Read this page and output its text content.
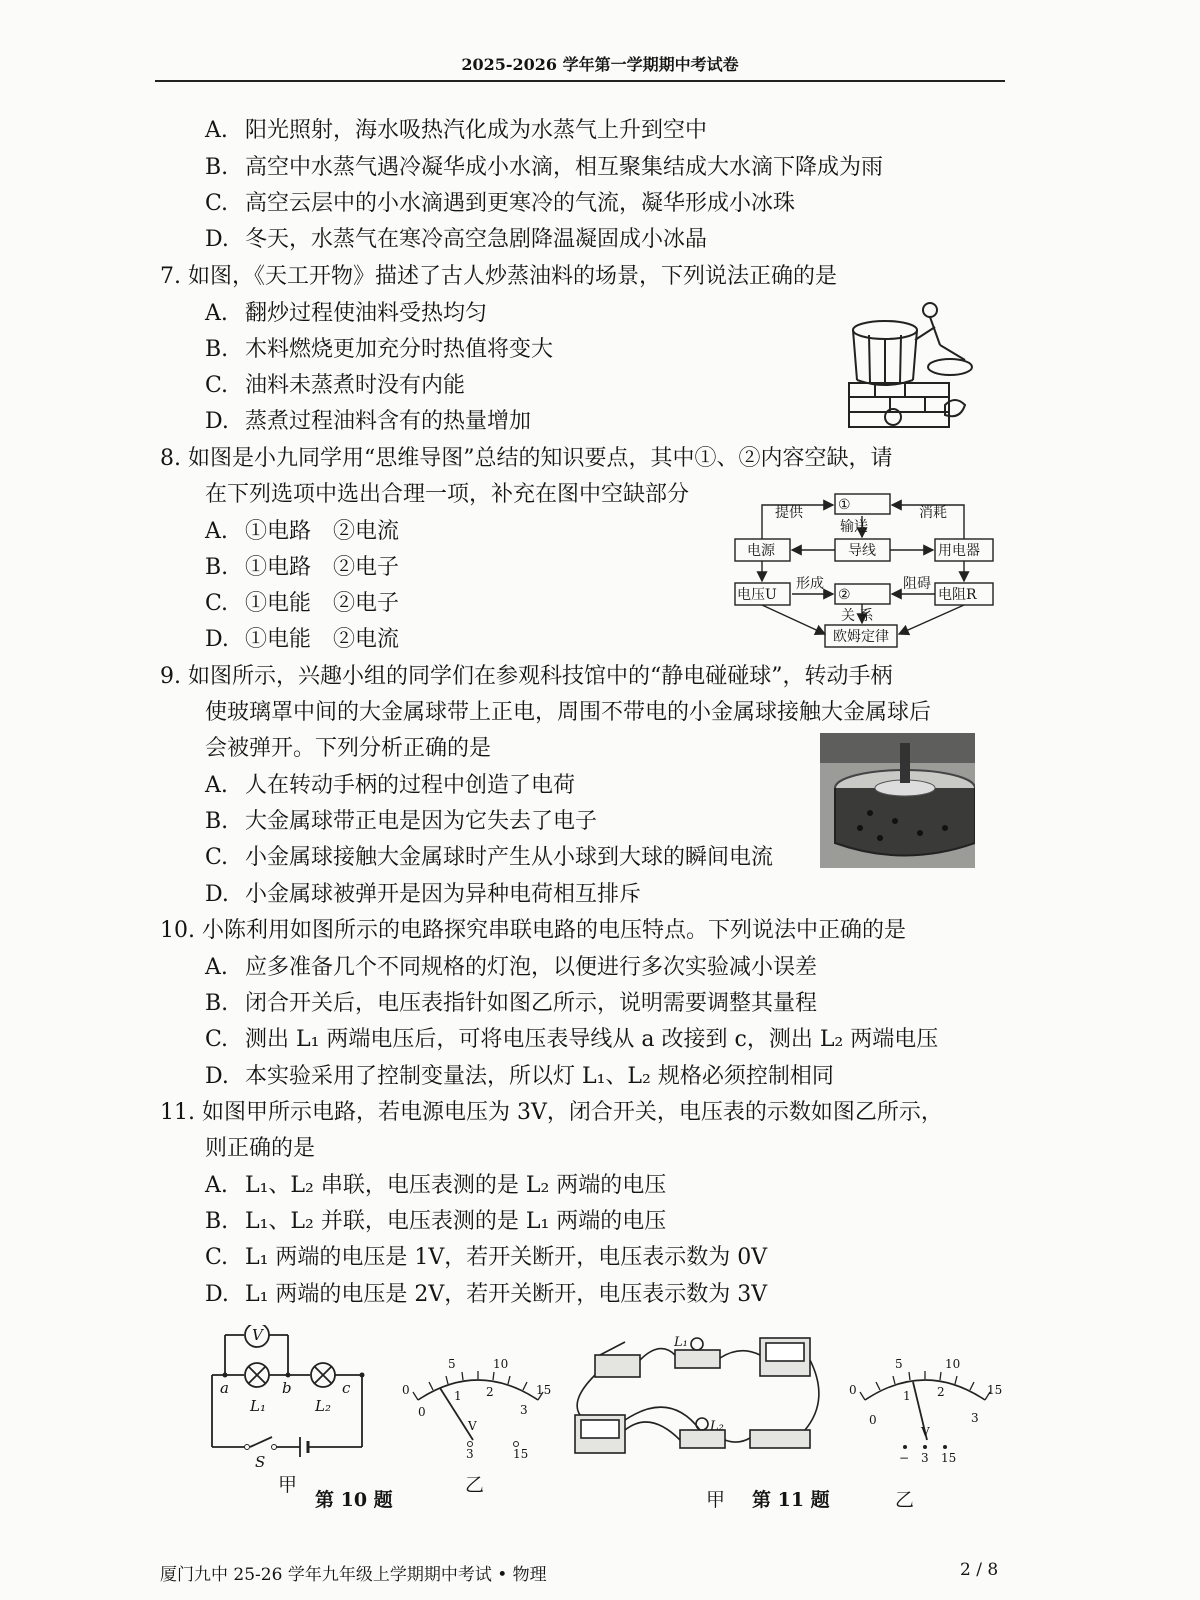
2025-2026 学年第一学期期中考试卷
A. 阳光照射，海水吸热汽化成为水蒸气上升到空中
B. 高空中水蒸气遇冷凝华成小水滴，相互聚集结成大水滴下降成为雨
C. 高空云层中的小水滴遇到更寒冷的气流，凝华形成小冰珠
D. 冬天，水蒸气在寒冷高空急剧降温凝固成小冰晶
7. 如图，《天工开物》描述了古人炒蒸油料的场景，下列说法正确的是
A. 翻炒过程使油料受热均匀
B. 木料燃烧更加充分时热值将变大
C. 油料未蒸煮时没有内能
D. 蒸煮过程油料含有的热量增加
8. 如图是小九同学用“思维导图”总结的知识要点，其中①、②内容空缺，请
在下列选项中选出合理一项，补充在图中空缺部分
A. ①电路　②电流
B. ①电路　②电子
C. ①电能　②电子
D. ①电能　②电流
①
②
电源	导线	用电器
电压U	电阻R
欧姆定律
提供	消耗
输送
形成	阻碍
关 系
9. 如图所示，兴趣小组的同学们在参观科技馆中的“静电碰碰球”，转动手柄
使玻璃罩中间的大金属球带上正电，周围不带电的小金属球接触大金属球后
会被弹开。下列分析正确的是
A. 人在转动手柄的过程中创造了电荷
B. 大金属球带正电是因为它失去了电子
C. 小金属球接触大金属球时产生从小球到大球的瞬间电流
D. 小金属球被弹开是因为异种电荷相互排斥
10. 小陈利用如图所示的电路探究串联电路的电压特点。下列说法中正确的是
A. 应多准备几个不同规格的灯泡，以便进行多次实验减小误差
B. 闭合开关后，电压表指针如图乙所示，说明需要调整其量程
C. 测出 L₁ 两端电压后，可将电压表导线从 a 改接到 c，测出 L₂ 两端电压
D. 本实验采用了控制变量法，所以灯 L₁、L₂ 规格必须控制相同
11. 如图甲所示电路，若电源电压为 3V，闭合开关，电压表的示数如图乙所示，
则正确的是
A. L₁、L₂ 串联，电压表测的是 L₂ 两端的电压
B. L₁、L₂ 并联，电压表测的是 L₁ 两端的电压
C. L₁ 两端的电压是 1V，若开关断开，电压表示数为 0V
D. L₁ 两端的电压是 2V，若开关断开，电压表示数为 3V
V
a	b	c
L₁	L₂
S
甲
第 10 题
5	10
1 2
0
0	3
15
V
3	15
乙
L₁
L₂
甲 第 11 题
5	10
1 2
0
0	3
15
V
− 3 15
乙
厦门九中 25-26 学年九年级上学期期中考试 • 物理	2 / 8
